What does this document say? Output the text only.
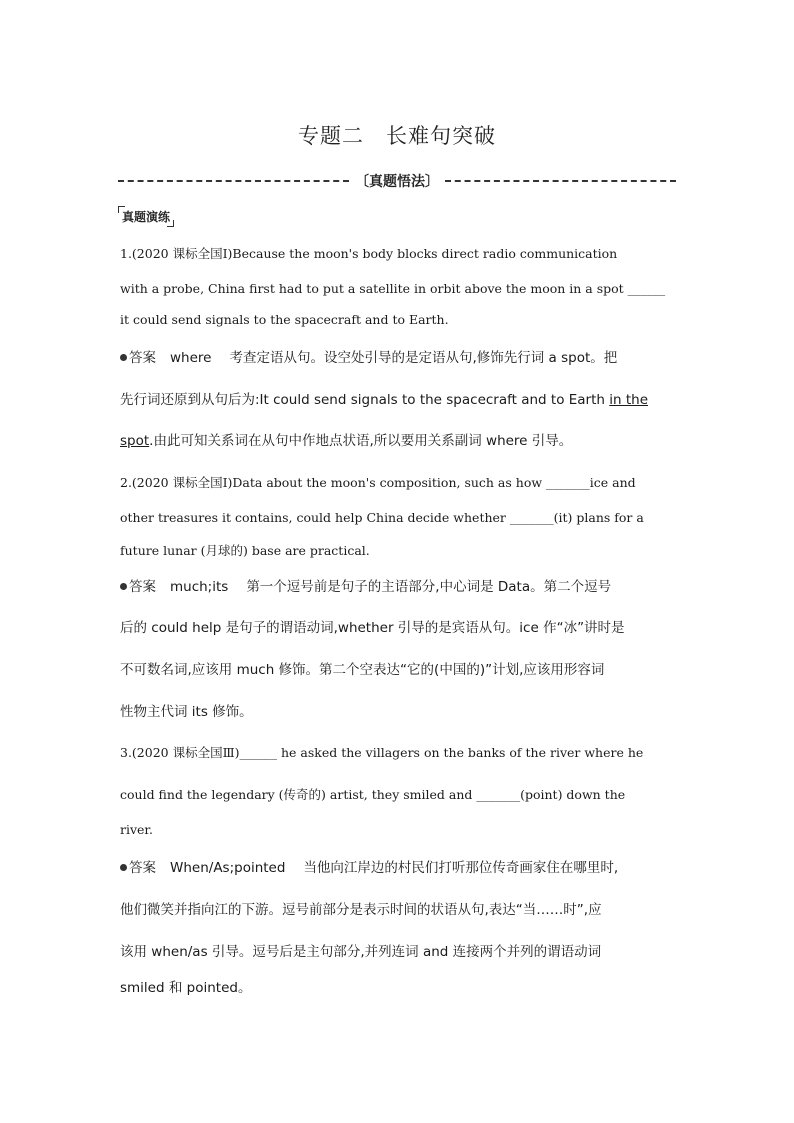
专题二　长难句突破
〔真题悟法〕
真题演练
1.(2020 课标全国Ⅰ)Because the moon's body blocks direct radio communication
with a probe, China first had to put a satellite in orbit above the moon in a spot ______
it could send signals to the spacecraft and to Earth.
答案 where 考查定语从句。设空处引导的是定语从句,修饰先行词 a spot。把
先行词还原到从句后为:It could send signals to the spacecraft and to Earth in the
spot.由此可知关系词在从句中作地点状语,所以要用关系副词 where 引导。
2.(2020 课标全国Ⅰ)Data about the moon's composition, such as how _______ice and
other treasures it contains, could help China decide whether _______(it) plans for a
future lunar (月球的) base are practical.
答案 much;its 第一个逗号前是句子的主语部分,中心词是 Data。第二个逗号
后的 could help 是句子的谓语动词,whether 引导的是宾语从句。ice 作“冰”讲时是
不可数名词,应该用 much 修饰。第二个空表达“它的(中国的)”计划,应该用形容词
性物主代词 its 修饰。
3.(2020 课标全国Ⅲ)______ he asked the villagers on the banks of the river where he
could find the legendary (传奇的) artist, they smiled and _______(point) down the
river.
答案 When/As;pointed 当他向江岸边的村民们打听那位传奇画家住在哪里时,
他们微笑并指向江的下游。逗号前部分是表示时间的状语从句,表达“当……时”,应
该用 when/as 引导。逗号后是主句部分,并列连词 and 连接两个并列的谓语动词
smiled 和 pointed。
